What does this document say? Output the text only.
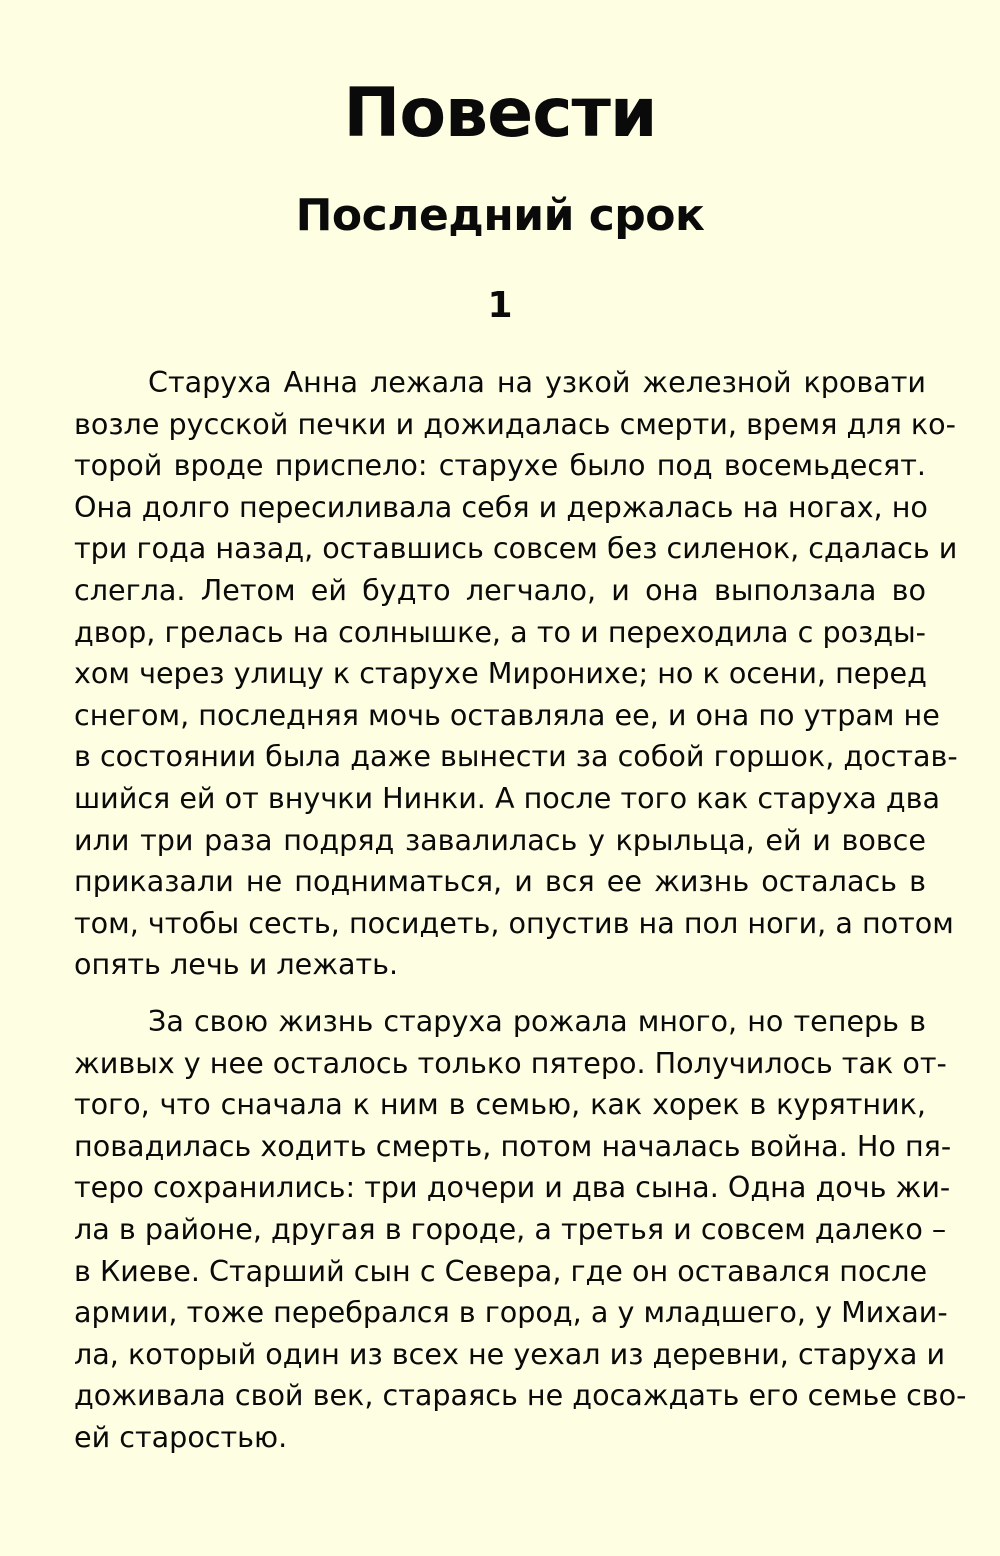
Повести
Последний срок
1
Старуха Анна лежала на узкой железной кровати
возле русской печки и дожидалась смерти, время для ко-
торой вроде приспело: старухе было под восемьдесят.
Она долго пересиливала себя и держалась на ногах, но
три года назад, оставшись совсем без силенок, сдалась и
слегла. Летом ей будто легчало, и она выползала во
двор, грелась на солнышке, а то и переходила с розды-
хом через улицу к старухе Миронихе; но к осени, перед
снегом, последняя мочь оставляла ее, и она по утрам не
в состоянии была даже вынести за собой горшок, достав-
шийся ей от внучки Нинки. А после того как старуха два
или три раза подряд завалилась у крыльца, ей и вовсе
приказали не подниматься, и вся ее жизнь осталась в
том, чтобы сесть, посидеть, опустив на пол ноги, а потом
опять лечь и лежать.
За свою жизнь старуха рожала много, но теперь в
живых у нее осталось только пятеро. Получилось так от-
того, что сначала к ним в семью, как хорек в курятник,
повадилась ходить смерть, потом началась война. Но пя-
теро сохранились: три дочери и два сына. Одна дочь жи-
ла в районе, другая в городе, а третья и совсем далеко –
в Киеве. Старший сын с Севера, где он оставался после
армии, тоже перебрался в город, а у младшего, у Михаи-
ла, который один из всех не уехал из деревни, старуха и
доживала свой век, стараясь не досаждать его семье сво-
ей старостью.
